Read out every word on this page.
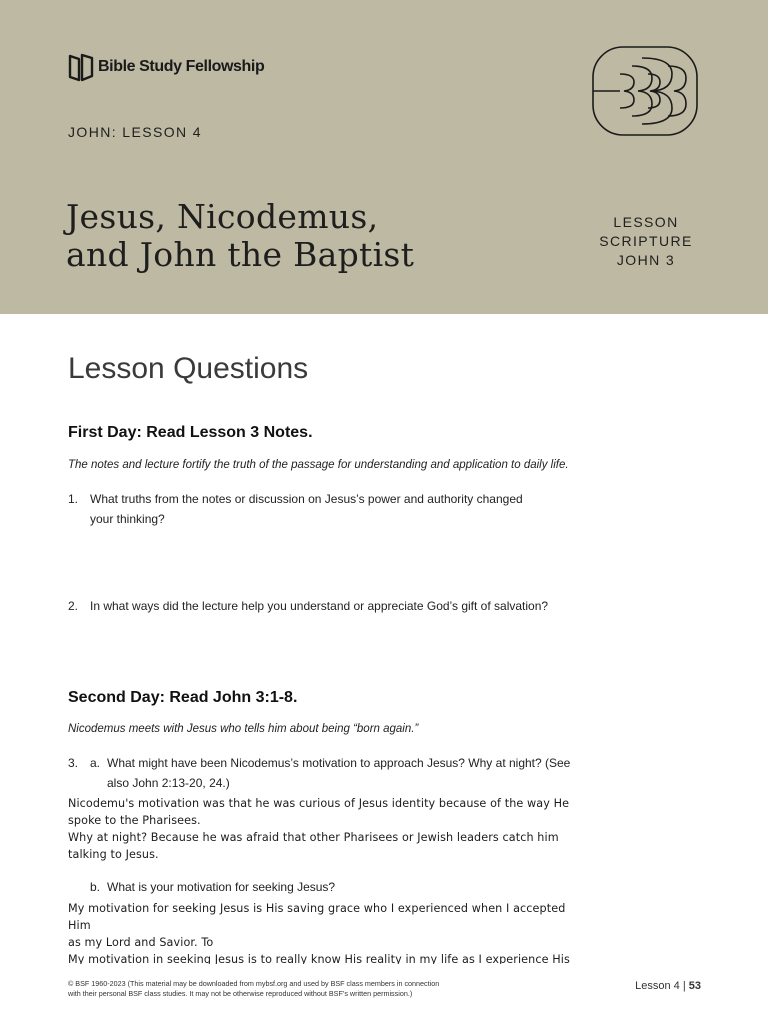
Bible Study Fellowship
JOHN: LESSON 4
Jesus, Nicodemus,
and John the Baptist
LESSON
SCRIPTURE
JOHN 3
Lesson Questions
First Day: Read Lesson 3 Notes.

The notes and lecture fortify the truth of the passage for understanding and application to daily life.

1. What truths from the notes or discussion on Jesus’s power and authority changed
your thinking?
2. In what ways did the lecture help you understand or appreciate God’s gift of salvation?
Second Day: Read John 3:1-8.

Nicodemus meets with Jesus who tells him about being “born again.”

3. a. What might have been Nicodemus’s motivation to approach Jesus? Why at night? (See
also John 2:13-20, 24.)
Nicodemu's motivation was that he was curious of Jesus identity because of the way He
spoke to the Pharisees.
Why at night? Because he was afraid that other Pharisees or Jewish leaders catch him
talking to Jesus.
b. What is your motivation for seeking Jesus?
My motivation for seeking Jesus is His saving grace who I experienced when I accepted Him
as my Lord and Savior. To
My motivation in seeking Jesus is to really know His reality in my life as I experience His
© BSF 1960-2023 (This material may be downloaded from mybsf.org and used by BSF class members in connection
with their personal BSF class studies. It may not be otherwise reproduced without BSF’s written permission.)
Lesson 4 | 53
